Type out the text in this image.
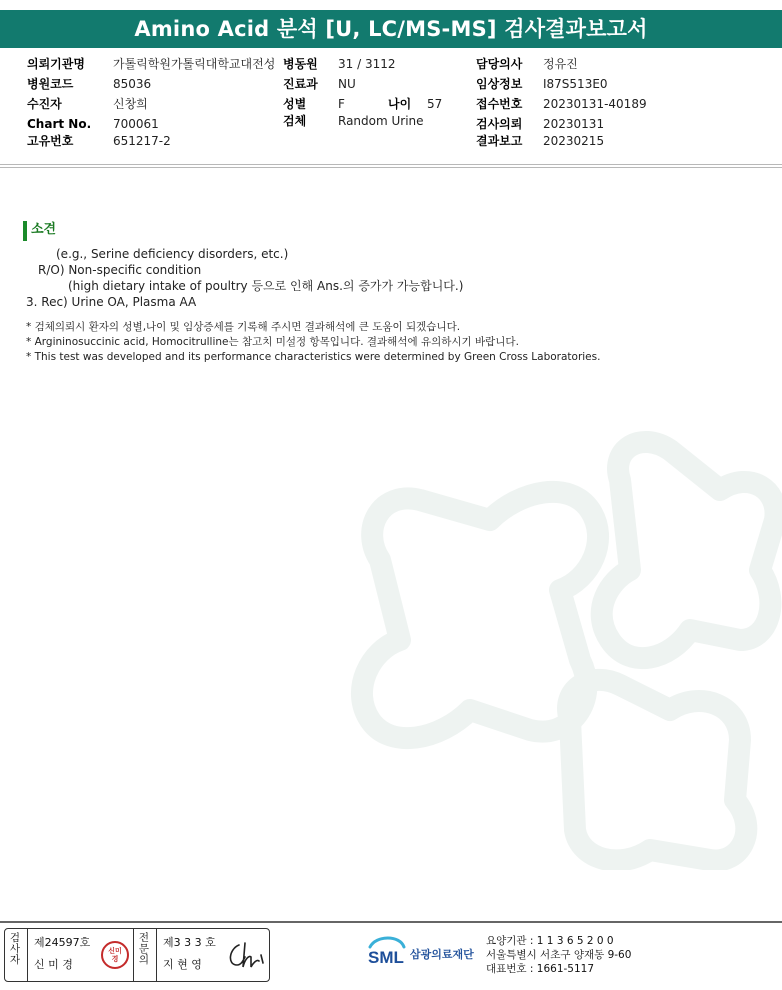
Amino Acid 분석 [U, LC/MS-MS] 검사결과보고서
의뢰기관명 가톨릭학원가톨릭대학교대전성 병동원 31 / 3112	담당의사 정유진
병원코드	85036	진료과 NU	임상정보 I87S513E0
수진자	신창희	성별	F	나이 57	접수번호 20230131-40189
Chart No. 700061	검체	Random Urine	검사의뢰 20230131
고유번호	651217-2	결과보고 20230215
소견
(e.g., Serine deficiency disorders, etc.)
R/O) Non-specific condition
(high dietary intake of poultry 등으로 인해 Ans.의 증가가 가능합니다.)
3. Rec) Urine OA, Plasma AA
* 검체의뢰시 환자의 성별,나이 및 임상증세를 기록해 주시면 결과해석에 큰 도움이 되겠습니다.
* Argininosuccinic acid, Homocitrulline는 참고치 미설정 항목입니다. 결과해석에 유의하시기 바랍니다.
* This test was developed and its performance characteristics were determined by Green Cross Laboratories.
검사자
제24597호
신 미 경
신미경
전문의
제3 3 3 호
지 현 영	SML 삼광의료재단
요양기관 : 1 1 3 6 5 2 0 0
서울특별시 서초구 양재동 9-60
대표번호 : 1661-5117
